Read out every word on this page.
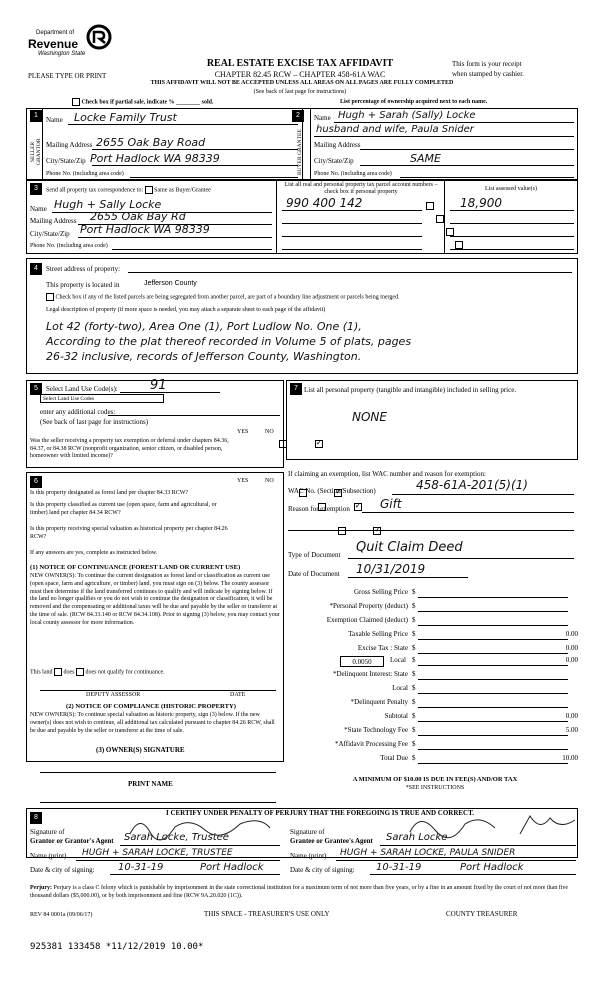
Department of
Revenue
Washington State
PLEASE TYPE OR PRINT
REAL ESTATE EXCISE TAX AFFIDAVIT
CHAPTER 82.45 RCW – CHAPTER 458-61A WAC
THIS AFFIDAVIT WILL NOT BE ACCEPTED UNLESS ALL AREAS ON ALL PAGES ARE FULLY COMPLETED
(See back of last page for instructions)
This form is your receipt
when stamped by cashier.
Check box if partial sale, indicate % ________ sold.	List percentage of ownership acquired next to each name.
1
SELLER GRANTOR
Name Locke Family Trust
Mailing Address 2655 Oak Bay Road
City/State/Zip Port Hadlock WA 98339
Phone No. (including area code)
2
BUYER GRANTEE
Name Hugh + Sarah (Sally) Locke
husband and wife, Paula Snider
Mailing Address
City/State/Zip	SAME
Phone No. (including area code)
3	Send all property tax correspondence to: Same as Buyer/Grantee
Name Hugh + Sally Locke
Mailing Address 2655 Oak Bay Rd
City/State/Zip Port Hadlock WA 98339
Phone No. (including area code)
List all real and personal property tax parcel account numbers – check box if personal property	List assessed value(s)
990 400 142	18,900

4	Street address of property:
This property is located in	Jefferson County
Check box if any of the listed parcels are being segregated from another parcel, are part of a boundary line adjustment or parcels being merged.
Legal description of property (if more space is needed, you may attach a separate sheet to each page of the affidavit)
Lot 42 (forty-two), Area One (1), Port Ludlow No. One (1),
According to the plat thereof recorded in Volume 5 of plats, pages
26-32 inclusive, records of Jefferson County, Washington.
5	Select Land Use Code(s): 91
Select Land Use Codes
enter any additional codes:
(See back of last page for instructions)
YES	NO
Was the seller receiving a property tax exemption or deferral under chapters 84.36, 84.37, or 84.38 RCW (nonprofit organization, senior citizen, or disabled person, homeowner with limited income)?
✓
7 List all personal property (tangible and intangible) included in selling price.
NONE
6	YES	NO
Is this property designated as forest land per chapter 84.33 RCW?
✓
Is this property classified as current use (open space, farm and agricultural, or timber) land per chapter 84.34 RCW?
✓
Is this property receiving special valuation as historical property per chapter 84.26 RCW?
✓
If any answers are yes, complete as instructed below.
(1) NOTICE OF CONTINUANCE (FOREST LAND OR CURRENT USE)
NEW OWNER(S): To continue the current designation as forest land or classification as current use (open space, farm and agriculture, or timber) land, you must sign on (3) below. The county assessor must then determine if the land transferred continues to qualify and will indicate by signing below. If the land no longer qualifies or you do not wish to continue the designation or classification, it will be removed and the compensating or additional taxes will be due and payable by the seller or transferor at the time of sale. (RCW 84.33.140 or RCW 84.34.108). Prior to signing (3) below, you may contact your local county assessor for more information.
This land does does not qualify for continuance.
DEPUTY ASSESSOR	DATE
(2) NOTICE OF COMPLIANCE (HISTORIC PROPERTY)
NEW OWNER(S): To continue special valuation as historic property, sign (3) below. If the new owner(s) does not wish to continue, all additional tax calculated pursuant to chapter 84.26 RCW, shall be due and payable by the seller or transferor at the time of sale.
(3) OWNER(S) SIGNATURE
PRINT NAME
If claiming an exemption, list WAC number and reason for exemption:
WAC No. (Section/Subsection)	458-61A-201(5)(1)
Reason for exemption	Gift
Type of Document Quit Claim Deed
Date of Document 10/31/2019
Gross Selling Price $
*Personal Property (deduct) $
Exemption Claimed (deduct) $
Taxable Selling Price $	0.00
Excise Tax : State $	0.00
0.0050	Local $	0.00
*Delinquent Interest: State $
Local $
*Delinquent Penalty $
Subtotal $	0.00
*State Technology Fee $	5.00
*Affidavit Processing Fee $
Total Due $	10.00
A MINIMUM OF $10.00 IS DUE IN FEE(S) AND/OR TAX
*SEE INSTRUCTIONS
8
I CERTIFY UNDER PENALTY OF PERJURY THAT THE FOREGOING IS TRUE AND CORRECT.
Signature of
Grantor or Grantor's Agent Sarah Locke, Trustee	Signature of
Grantee or Grantee's Agent Sarah Locke
Name (print) HUGH + SARAH LOCKE, TRUSTEE	Name (print) HUGH + SARAH LOCKE, PAULA SNIDER
Date & city of signing: 10-31-19	Port Hadlock	Date & city of signing: 10-31-19	Port Hadlock
Perjury: Perjury is a class C felony which is punishable by imprisonment in the state correctional institution for a maximum term of not more than five years, or by a fine in an amount fixed by the court of not more than five thousand dollars ($5,000.00), or by both imprisonment and fine (RCW 9A.20.020 (1C)).
REV 84 0001a (09/06/17)	THIS SPACE - TREASURER'S USE ONLY	COUNTY TREASURER
925381 133458 *11/12/2019 10.00*
